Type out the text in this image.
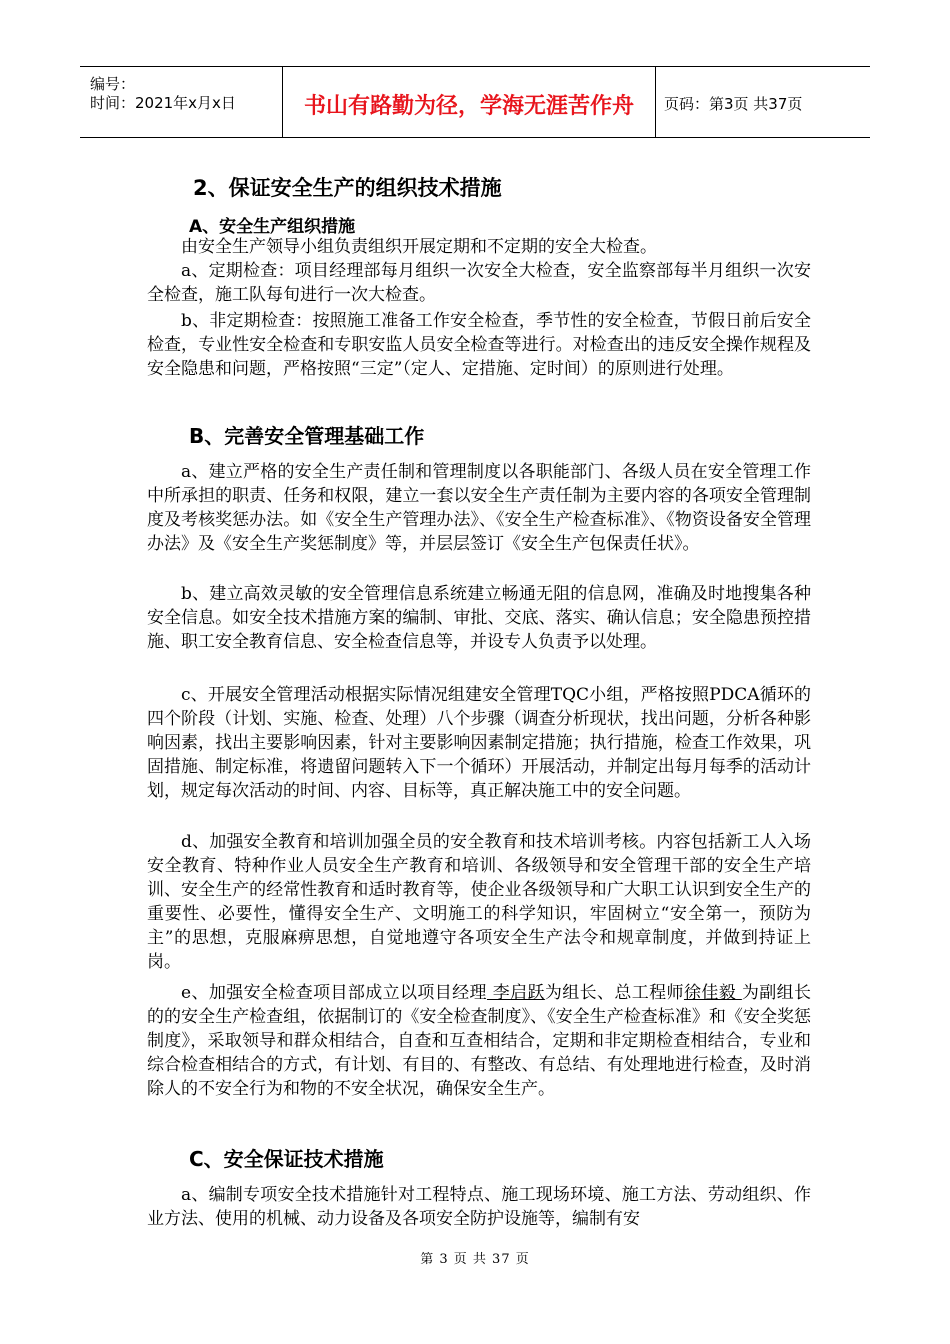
编号：
时间：2021年x月x日	书山有路勤为径，学海无涯苦作舟	页码：第3页 共37页
2、保证安全生产的组织技术措施
A、安全生产组织措施

由安全生产领导小组负责组织开展定期和不定期的安全大检查。

a、定期检查：项目经理部每月组织一次安全大检查，安全监察部每半月组织一次安全检查，施工队每旬进行一次大检查。

b、非定期检查：按照施工准备工作安全检查，季节性的安全检查，节假日前后安全检查，专业性安全检查和专职安监人员安全检查等进行。对检查出的违反安全操作规程及安全隐患和问题，严格按照“三定”（定人、定措施、定时间）的原则进行处理。

B、完善安全管理基础工作

a、建立严格的安全生产责任制和管理制度以各职能部门、各级人员在安全管理工作中所承担的职责、任务和权限，建立一套以安全生产责任制为主要内容的各项安全管理制度及考核奖惩办法。如《安全生产管理办法》、《安全生产检查标准》、《物资设备安全管理办法》及《安全生产奖惩制度》等，并层层签订《安全生产包保责任状》。

b、建立高效灵敏的安全管理信息系统建立畅通无阻的信息网，准确及时地搜集各种安全信息。如安全技术措施方案的编制、审批、交底、落实、确认信息；安全隐患预控措施、职工安全教育信息、安全检查信息等，并设专人负责予以处理。

c、开展安全管理活动根据实际情况组建安全管理TQC小组，严格按照PDCA循环的四个阶段（计划、实施、检查、处理）八个步骤（调查分析现状，找出问题，分析各种影响因素，找出主要影响因素，针对主要影响因素制定措施；执行措施，检查工作效果，巩固措施、制定标准，将遗留问题转入下一个循环）开展活动，并制定出每月每季的活动计划，规定每次活动的时间、内容、目标等，真正解决施工中的安全问题。

d、加强安全教育和培训加强全员的安全教育和技术培训考核。内容包括新工人入场安全教育、特种作业人员安全生产教育和培训、各级领导和安全管理干部的安全生产培训、安全生产的经常性教育和适时教育等，使企业各级领导和广大职工认识到安全生产的重要性、必要性，懂得安全生产、文明施工的科学知识，牢固树立“安全第一，预防为主”的思想，克服麻痹思想，自觉地遵守各项安全生产法令和规章制度，并做到持证上岗。

e、加强安全检查项目部成立以项目经理 李启跃为组长、总工程师徐佳毅 为副组长的的安全生产检查组，依据制订的《安全检查制度》、《安全生产检查标准》和《安全奖惩制度》，采取领导和群众相结合，自查和互查相结合，定期和非定期检查相结合，专业和综合检查相结合的方式，有计划、有目的、有整改、有总结、有处理地进行检查，及时消除人的不安全行为和物的不安全状况，确保安全生产。

C、安全保证技术措施

a、编制专项安全技术措施针对工程特点、施工现场环境、施工方法、劳动组织、作业方法、使用的机械、动力设备及各项安全防护设施等，编制有安

第 3 页 共 37 页
